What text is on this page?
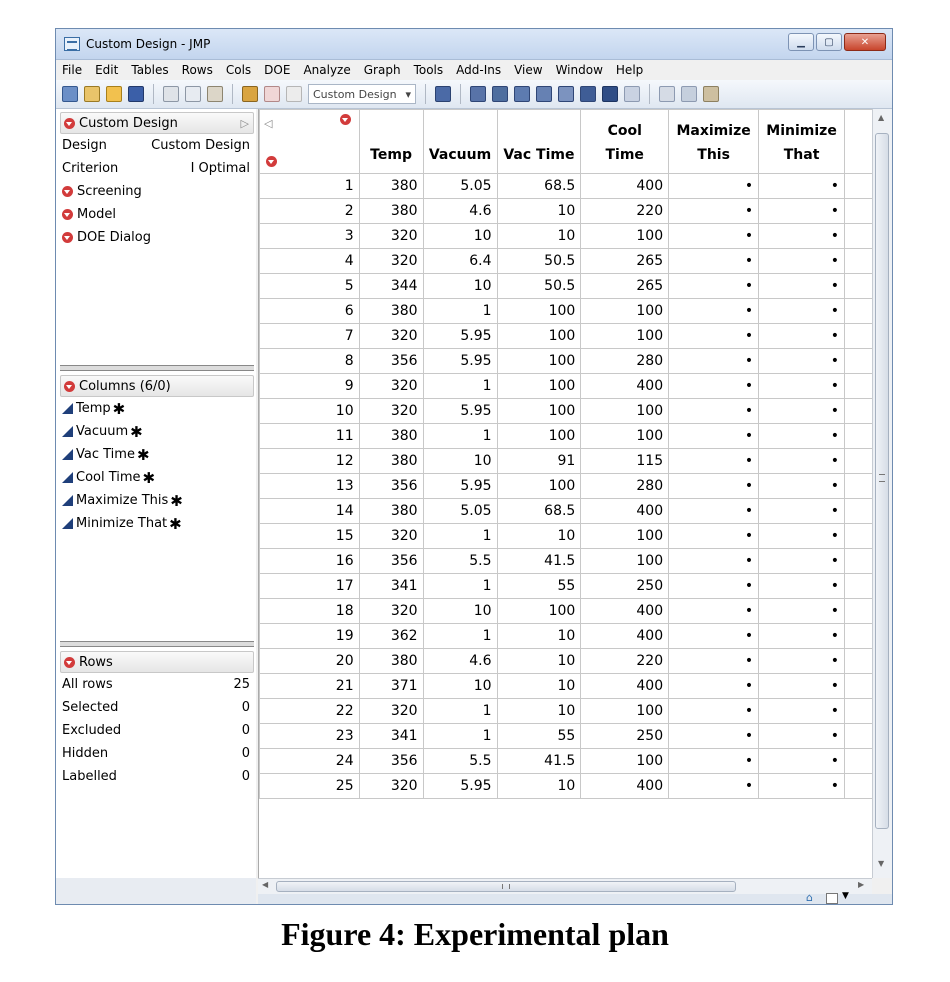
Custom Design - JMP	▁	▢	✕
File Edit Tables Rows Cols DOE Analyze Graph Tools Add-Ins View Window Help
Custom Design ▾
Custom Design	▷
Design	Custom Design
Criterion	I Optimal
Screening
Model
DOE Dialog
Columns (6/0)
Temp ✱
Vacuum ✱
Vac Time ✱
Cool Time ✱
Maximize This ✱
Minimize That ✱
Rows
All rows	25
Selected	0
Excluded	0
Hidden	0
Labelled	0
◁	Temp	Vacuum	Vac Time	Cool Time	Maximize This	Minimize That	
1	380	5.05	68.5	400	•	•	
2	380	4.6	10	220	•	•	
3	320	10	10	100	•	•	
4	320	6.4	50.5	265	•	•	
5	344	10	50.5	265	•	•	
6	380	1	100	100	•	•	
7	320	5.95	100	100	•	•	
8	356	5.95	100	280	•	•	
9	320	1	100	400	•	•	
10	320	5.95	100	100	•	•	
11	380	1	100	100	•	•	
12	380	10	91	115	•	•	
13	356	5.95	100	280	•	•	
14	380	5.05	68.5	400	•	•	
15	320	1	10	100	•	•	
16	356	5.5	41.5	100	•	•	
17	341	1	55	250	•	•	
18	320	10	100	400	•	•	
19	362	1	10	400	•	•	
20	380	4.6	10	220	•	•	
21	371	10	10	400	•	•	
22	320	1	10	100	•	•	
23	341	1	55	250	•	•	
24	356	5.5	41.5	100	•	•	
25	320	5.95	10	400	•	•	
▲
▼
◀	▶
⌂	▼
Figure 4: Experimental plan
